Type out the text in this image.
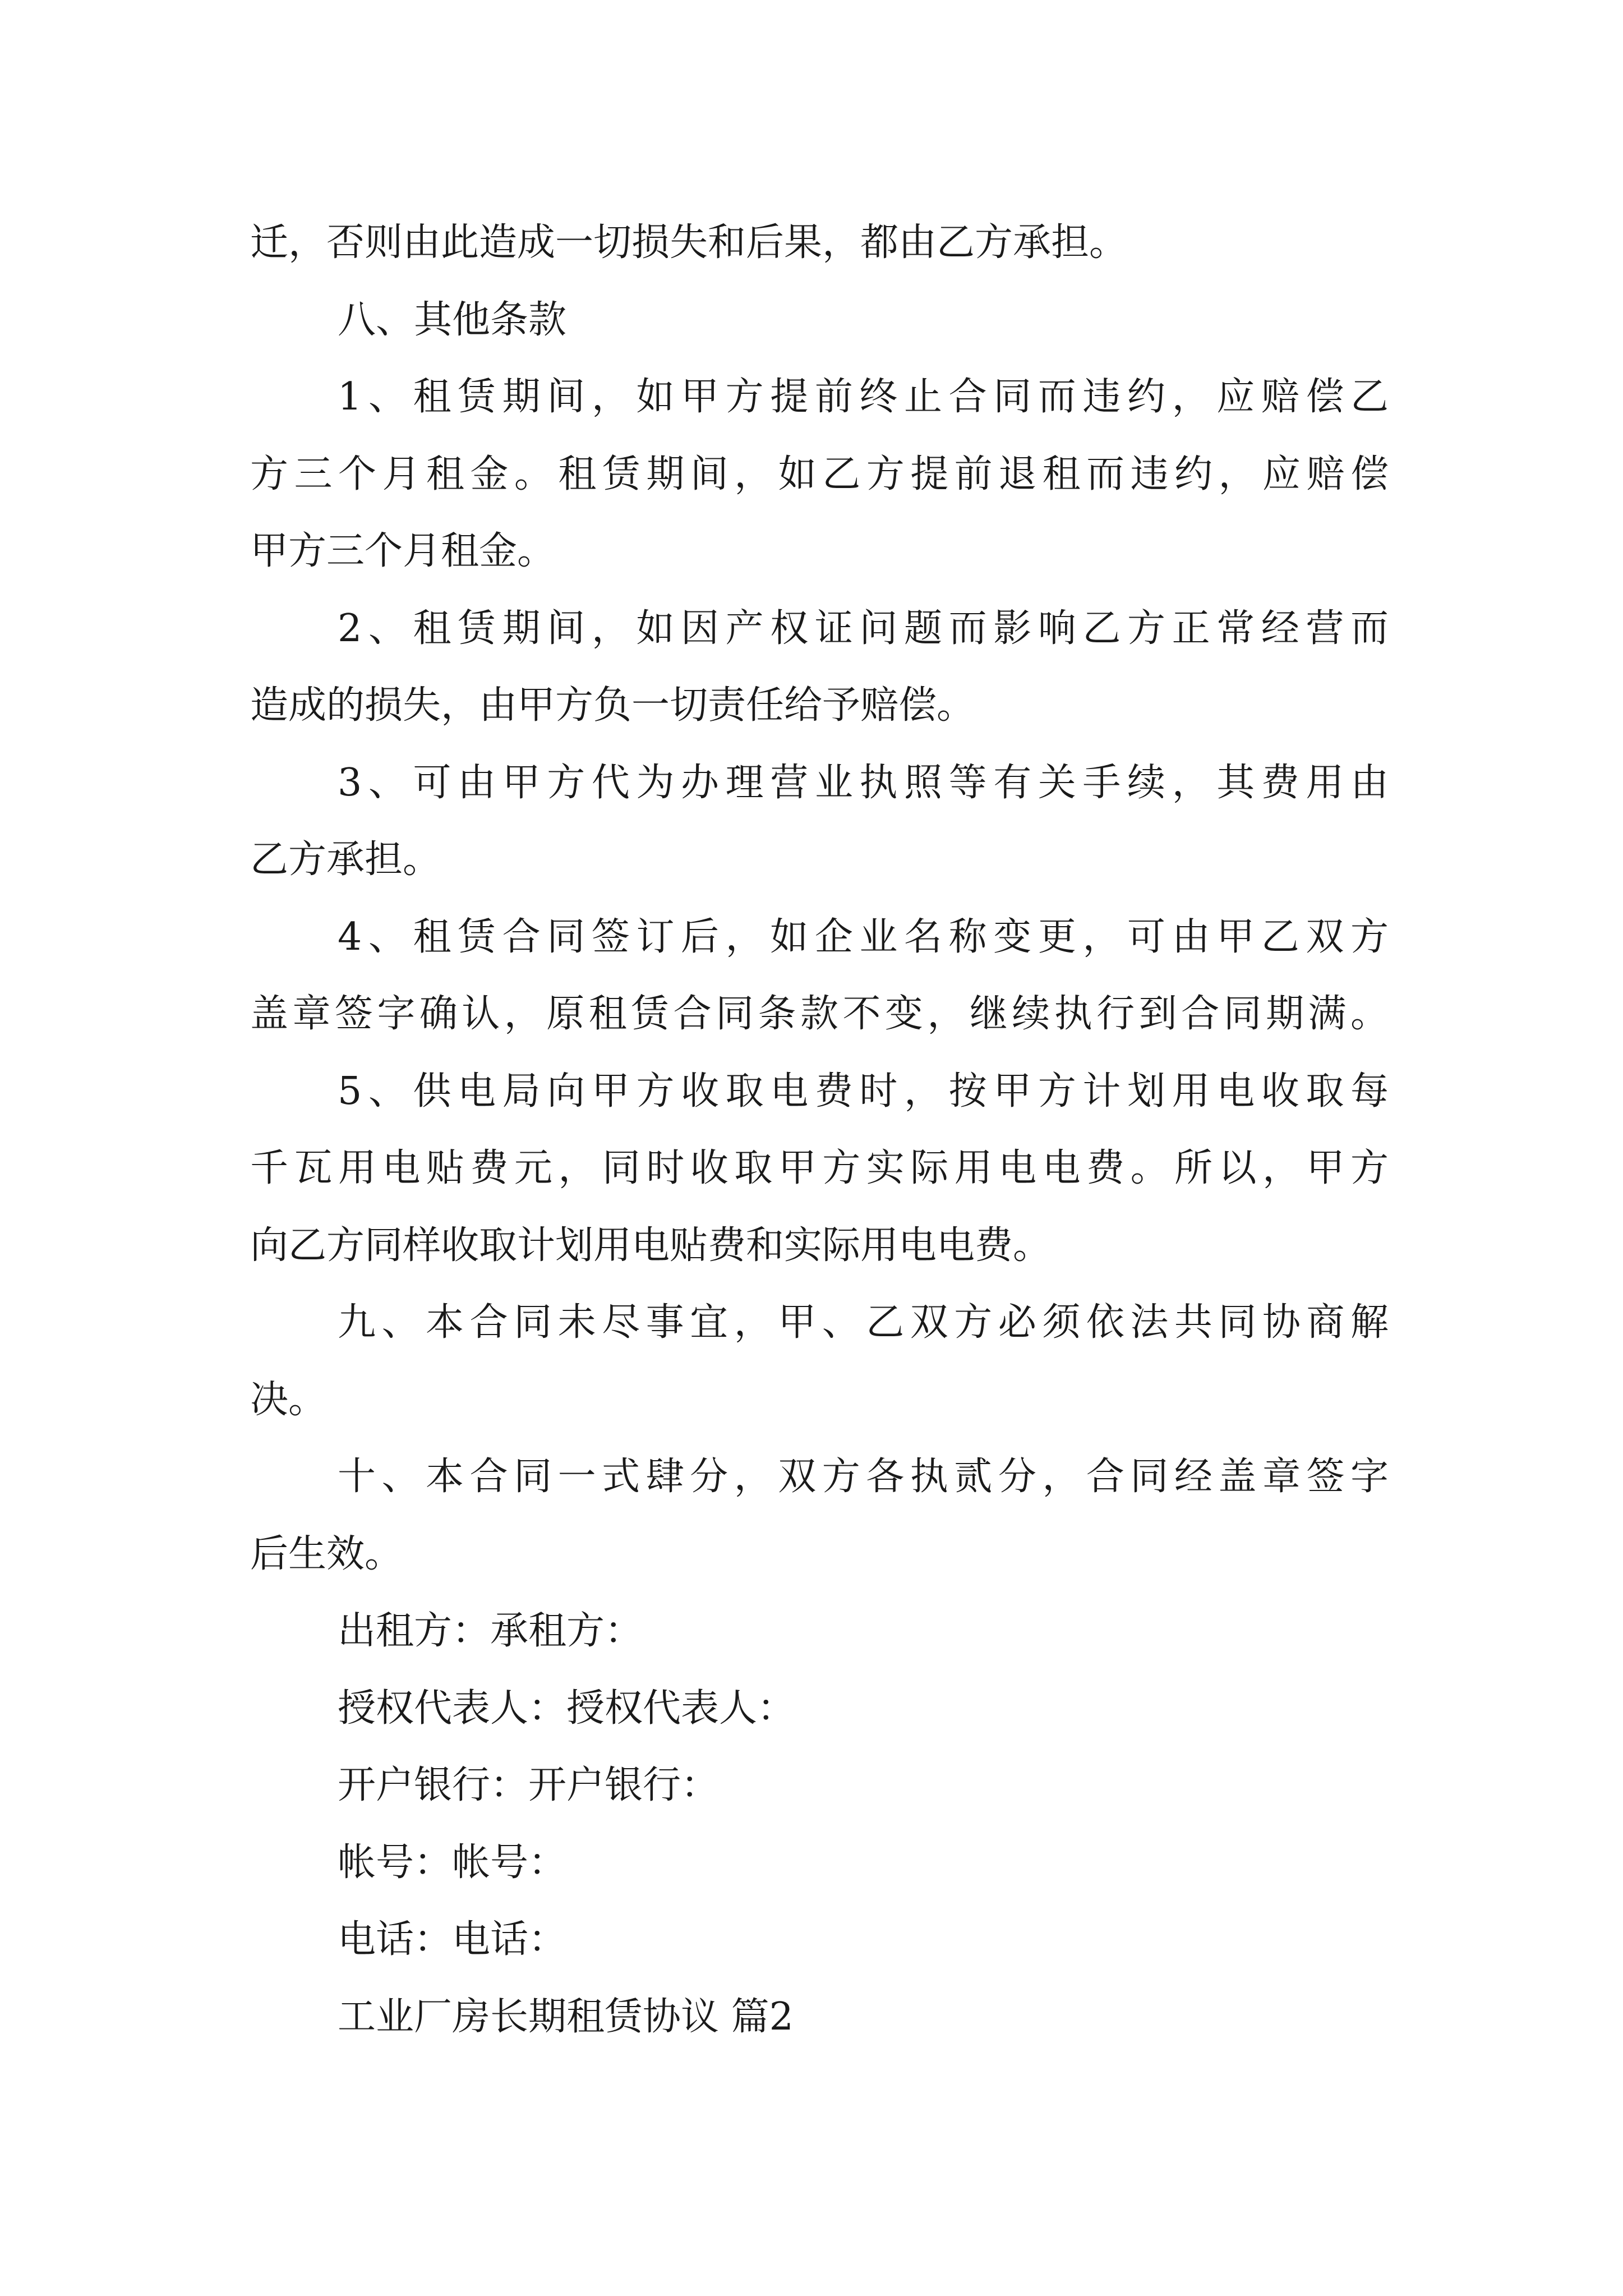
迁，否则由此造成一切损失和后果，都由乙方承担。
八、其他条款
1、租赁期间，如甲方提前终止合同而违约，应赔偿乙
方三个月租金。租赁期间，如乙方提前退租而违约，应赔偿
甲方三个月租金。
2、租赁期间，如因产权证问题而影响乙方正常经营而
造成的损失，由甲方负一切责任给予赔偿。
3、可由甲方代为办理营业执照等有关手续，其费用由
乙方承担。
4、租赁合同签订后，如企业名称变更，可由甲乙双方
盖章签字确认，原租赁合同条款不变，继续执行到合同期满。
5、供电局向甲方收取电费时，按甲方计划用电收取每
千瓦用电贴费元，同时收取甲方实际用电电费。所以，甲方
向乙方同样收取计划用电贴费和实际用电电费。
九、本合同未尽事宜，甲、乙双方必须依法共同协商解
决。
十、本合同一式肆分，双方各执贰分，合同经盖章签字
后生效。
出租方：承租方：
授权代表人：授权代表人：
开户银行：开户银行：
帐号：帐号：
电话：电话：
工业厂房长期租赁协议 篇2
